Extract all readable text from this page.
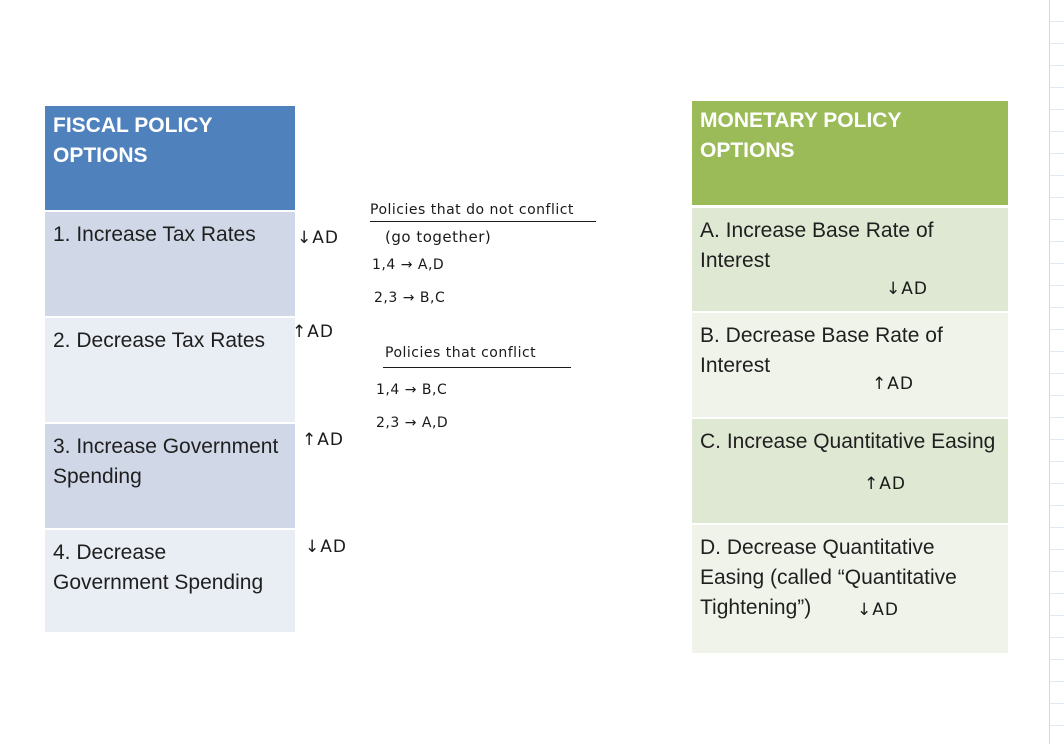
FISCAL POLICY OPTIONS
1. Increase Tax Rates
2. Decrease Tax Rates
3. Increase Government Spending
4. Decrease Government Spending
MONETARY POLICY OPTIONS
A. Increase Base Rate of Interest
B. Decrease Base Rate of Interest
C. Increase Quantitative Easing
D. Decrease Quantitative Easing (called “Quantitative Tightening”)
↓AD
↑AD
↑AD
↓AD
↓AD
↑AD
↑AD
↓AD
Policies that do not conflict
(go together)
1,4 → A,D
2,3 → B,C
Policies that conflict
1,4 → B,C
2,3 → A,D
